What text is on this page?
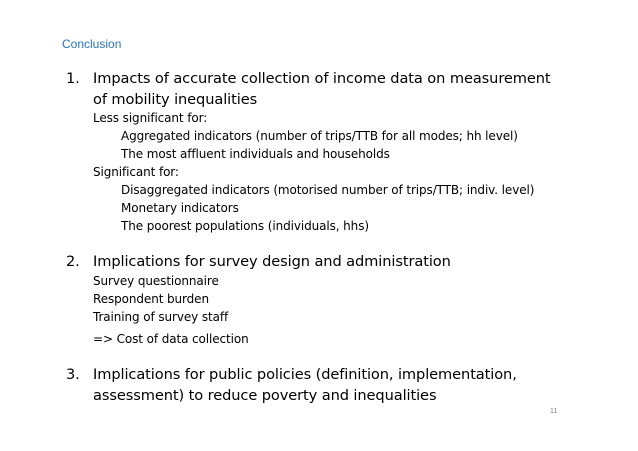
Conclusion
1. Impacts of accurate collection of income data on measurement
of mobility inequalities
Less significant for:
Aggregated indicators (number of trips/TTB for all modes; hh level)
The most affluent individuals and households
Significant for:
Disaggregated indicators (motorised number of trips/TTB; indiv. level)
Monetary indicators
The poorest populations (individuals, hhs)
2. Implications for survey design and administration
Survey questionnaire
Respondent burden
Training of survey staff
=> Cost of data collection
3. Implications for public policies (definition, implementation,
assessment) to reduce poverty and inequalities
11
